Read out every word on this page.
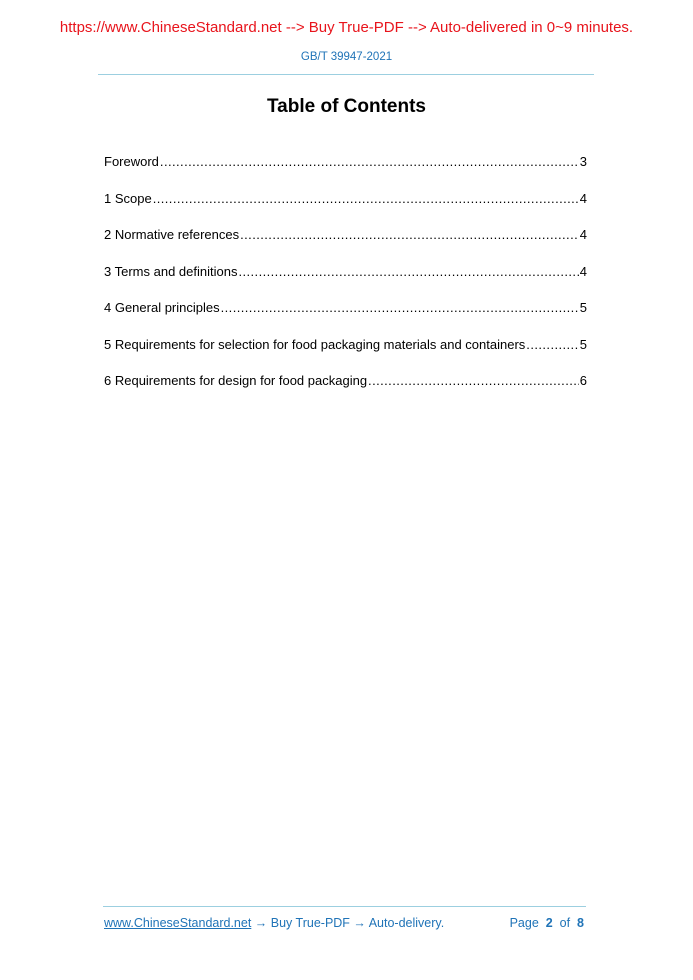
https://www.ChineseStandard.net --> Buy True-PDF --> Auto-delivered in 0~9 minutes.
GB/T 39947-2021
Table of Contents
Foreword . . .	3
1 Scope . . .	4
2 Normative references . . .	4
3 Terms and definitions . . .	4
4 General principles . . .	5
5 Requirements for selection for food packaging materials and containers . . .	5
6 Requirements for design for food packaging . . .	6
www.ChineseStandard.net → Buy True-PDF → Auto-delivery.	Page 2 of 8
